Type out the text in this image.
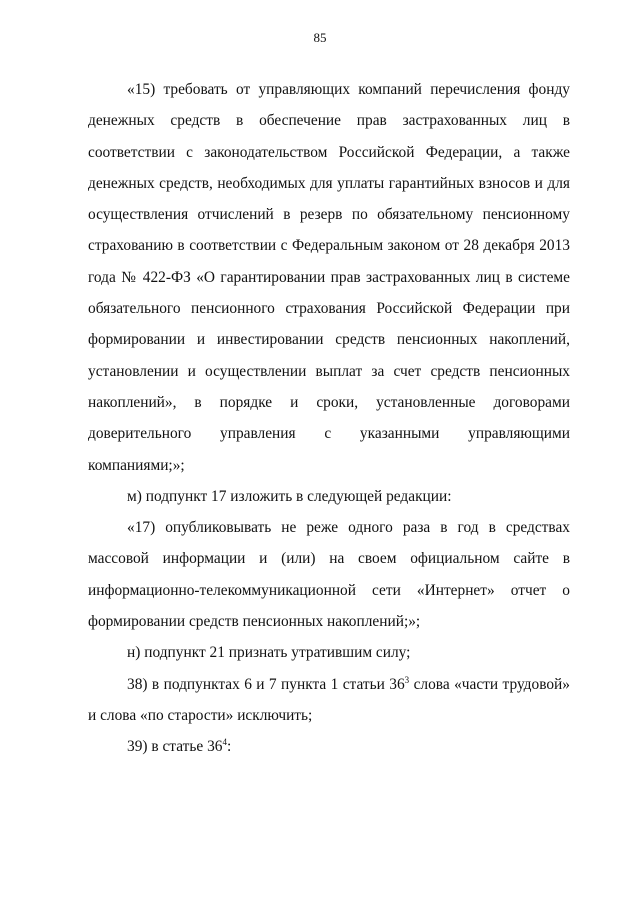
85

«15) требовать от управляющих компаний перечисления фонду денежных средств в обеспечение прав застрахованных лиц в соответствии с законодательством Российской Федерации, а также денежных средств, необходимых для уплаты гарантийных взносов и для осуществления отчислений в резерв по обязательному пенсионному страхованию в соответствии с Федеральным законом от 28 декабря 2013 года № 422-ФЗ «О гарантировании прав застрахованных лиц в системе обязательного пенсионного страхования Российской Федерации при формировании и инвестировании средств пенсионных накоплений, установлении и осуществлении выплат за счет средств пенсионных накоплений», в порядке и сроки, установленные договорами доверительного управления с указанными управляющими компаниями;»;

м) подпункт 17 изложить в следующей редакции:

«17) опубликовывать не реже одного раза в год в средствах массовой информации и (или) на своем официальном сайте в информационно-телекоммуникационной сети «Интернет» отчет о формировании средств пенсионных накоплений;»;

н) подпункт 21 признать утратившим силу;

38) в подпунктах 6 и 7 пункта 1 статьи $36^3$ слова «части трудовой» и слова «по старости» исключить;

39) в статье $36^4$:
